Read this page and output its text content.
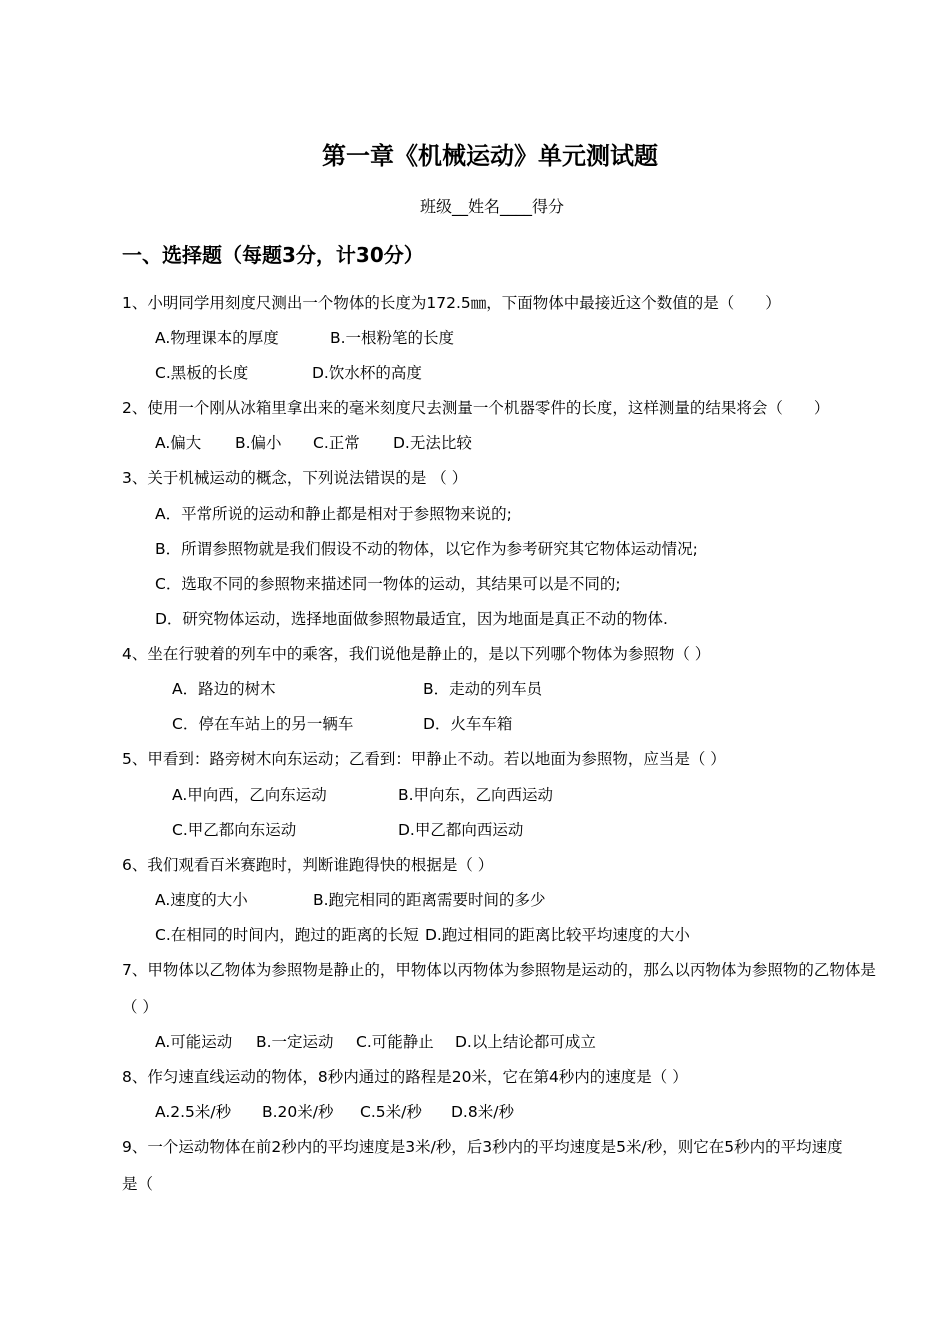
第一章《机械运动》单元测试题
班级__姓名____得分
一、选择题（每题3分，计30分）
1、小明同学用刻度尺测出一个物体的长度为172.5㎜，下面物体中最接近这个数值的是（　　）
A.物理课本的厚度	B.一根粉笔的长度
C.黑板的长度	D.饮水杯的高度
2、使用一个刚从冰箱里拿出来的毫米刻度尺去测量一个机器零件的长度，这样测量的结果将会（　　）
A.偏大 B.偏小 C.正常 D.无法比较
3、关于机械运动的概念，下列说法错误的是 （ ）
A．平常所说的运动和静止都是相对于参照物来说的;
B．所谓参照物就是我们假设不动的物体，以它作为参考研究其它物体运动情况;
C．选取不同的参照物来描述同一物体的运动，其结果可以是不同的;
D．研究物体运动，选择地面做参照物最适宜，因为地面是真正不动的物体.
4、坐在行驶着的列车中的乘客，我们说他是静止的，是以下列哪个物体为参照物（ ）
A．路边的树木	B．走动的列车员
C．停在车站上的另一辆车	D．火车车箱
5、甲看到：路旁树木向东运动；乙看到：甲静止不动。若以地面为参照物，应当是（ ）
A.甲向西，乙向东运动	B.甲向东，乙向西运动
C.甲乙都向东运动	D.甲乙都向西运动
6、我们观看百米赛跑时，判断谁跑得快的根据是（ ）
A.速度的大小	B.跑完相同的距离需要时间的多少
C.在相同的时间内，跑过的距离的长短 D.跑过相同的距离比较平均速度的大小
7、甲物体以乙物体为参照物是静止的，甲物体以丙物体为参照物是运动的，那么以丙物体为参照物的乙物体是
（ ）
A.可能运动 B.一定运动 C.可能静止 D.以上结论都可成立
8、作匀速直线运动的物体，8秒内通过的路程是20米，它在第4秒内的速度是（ ）
A.2.5米/秒 B.20米/秒 C.5米/秒 D.8米/秒
9、一个运动物体在前2秒内的平均速度是3米/秒，后3秒内的平均速度是5米/秒，则它在5秒内的平均速度
是（
